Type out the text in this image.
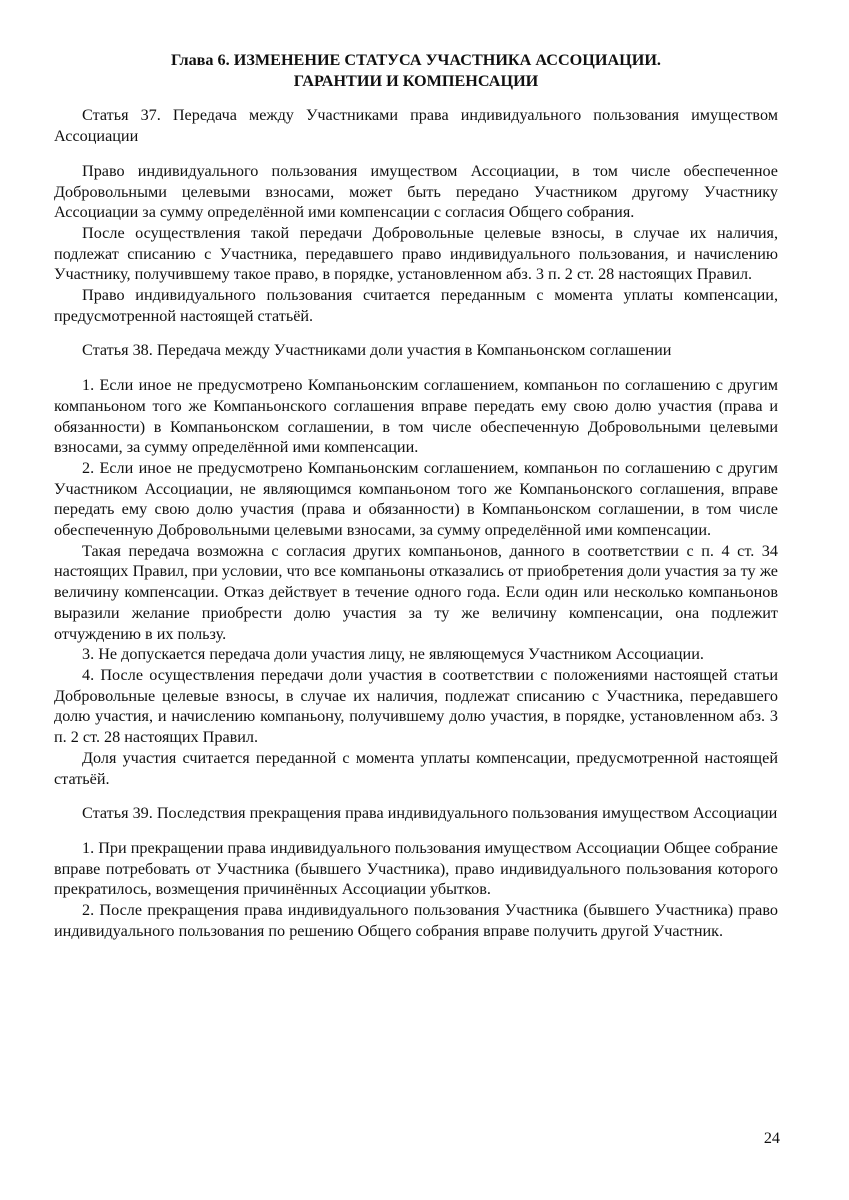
Глава 6. ИЗМЕНЕНИЕ СТАТУСА УЧАСТНИКА АССОЦИАЦИИ.
ГАРАНТИИ И КОМПЕНСАЦИИ

Статья 37. Передача между Участниками права индивидуального пользования имуществом Ассоциации

Право индивидуального пользования имуществом Ассоциации, в том числе обеспеченное Добровольными целевыми взносами, может быть передано Участником другому Участнику Ассоциации за сумму определённой ими компенсации с согласия Общего собрания.

После осуществления такой передачи Добровольные целевые взносы, в случае их наличия, подлежат списанию с Участника, передавшего право индивидуального пользования, и начислению Участнику, получившему такое право, в порядке, установленном абз. 3 п. 2 ст. 28 настоящих Правил.

Право индивидуального пользования считается переданным с момента уплаты компенсации, предусмотренной настоящей статьёй.

Статья 38. Передача между Участниками доли участия в Компаньонском соглашении

1. Если иное не предусмотрено Компаньонским соглашением, компаньон по соглашению с другим компаньоном того же Компаньонского соглашения вправе передать ему свою долю участия (права и обязанности) в Компаньонском соглашении, в том числе обеспеченную Добровольными целевыми взносами, за сумму определённой ими компенсации.

2. Если иное не предусмотрено Компаньонским соглашением, компаньон по соглашению с другим Участником Ассоциации, не являющимся компаньоном того же Компаньонского соглашения, вправе передать ему свою долю участия (права и обязанности) в Компаньонском соглашении, в том числе обеспеченную Добровольными целевыми взносами, за сумму определённой ими компенсации.

Такая передача возможна с согласия других компаньонов, данного в соответствии с п. 4 ст. 34 настоящих Правил, при условии, что все компаньоны отказались от приобретения доли участия за ту же величину компенсации. Отказ действует в течение одного года. Если один или несколько компаньонов выразили желание приобрести долю участия за ту же величину компенсации, она подлежит отчуждению в их пользу.

3. Не допускается передача доли участия лицу, не являющемуся Участником Ассоциации.

4. После осуществления передачи доли участия в соответствии с положениями настоящей статьи Добровольные целевые взносы, в случае их наличия, подлежат списанию с Участника, передавшего долю участия, и начислению компаньону, получившему долю участия, в порядке, установленном абз. 3 п. 2 ст. 28 настоящих Правил.

Доля участия считается переданной с момента уплаты компенсации, предусмотренной настоящей статьёй.

Статья 39. Последствия прекращения права индивидуального пользования имуществом Ассоциации

1. При прекращении права индивидуального пользования имуществом Ассоциации Общее собрание вправе потребовать от Участника (бывшего Участника), право индивидуального пользования которого прекратилось, возмещения причинённых Ассоциации убытков.

2. После прекращения права индивидуального пользования Участника (бывшего Участника) право индивидуального пользования по решению Общего собрания вправе получить другой Участник.

24
